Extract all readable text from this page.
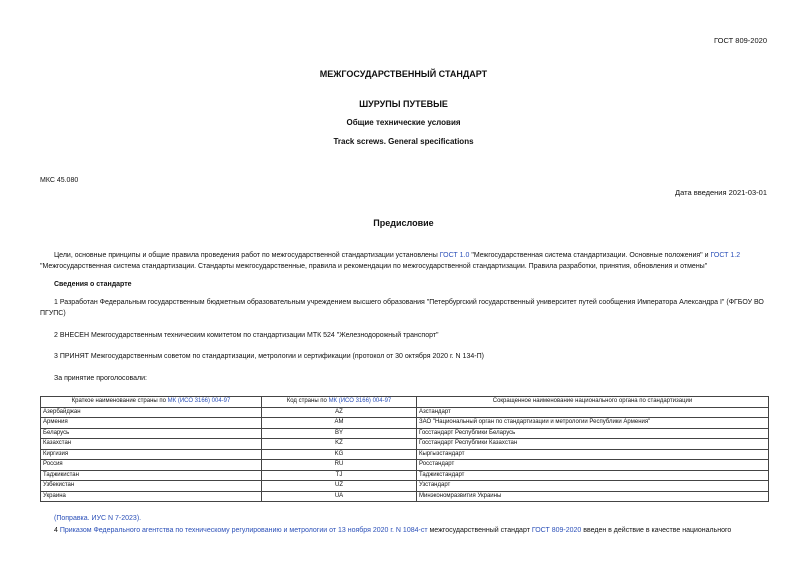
ГОСТ 809-2020
МЕЖГОСУДАРСТВЕННЫЙ СТАНДАРТ
ШУРУПЫ ПУТЕВЫЕ
Общие технические условия
Track screws. General specifications
МКС 45.080
Дата введения 2021-03-01
Предисловие
Цели, основные принципы и общие правила проведения работ по межгосударственной стандартизации установлены ГОСТ 1.0 "Межгосударственная система стандартизации. Основные положения" и ГОСТ 1.2 "Межгосударственная система стандартизации. Стандарты межгосударственные, правила и рекомендации по межгосударственной стандартизации. Правила разработки, принятия, обновления и отмены"
Сведения о стандарте
1 Разработан Федеральным государственным бюджетным образовательным учреждением высшего образования "Петербургский государственный университет путей сообщения Императора Александра I" (ФГБОУ ВО ПГУПС)
2 ВНЕСЕН Межгосударственным техническим комитетом по стандартизации МТК 524 "Железнодорожный транспорт"
3 ПРИНЯТ Межгосударственным советом по стандартизации, метрологии и сертификации (протокол от 30 октября 2020 г. N 134-П)
За принятие проголосовали:
Краткое наименование страны по МК (ИСО 3166) 004-97	Код страны по МК (ИСО 3166) 004-97	Сокращенное наименование национального органа по стандартизации
Азербайджан	AZ	Азстандарт
Армения	AM	ЗАО "Национальный орган по стандартизации и метрологии Республики Армения"
Беларусь	BY	Госстандарт Республики Беларусь
Казахстан	KZ	Госстандарт Республики Казахстан
Киргизия	KG	Кыргызстандарт
Россия	RU	Росстандарт
Таджикистан	TJ	Таджикстандарт
Узбекистан	UZ	Узстандарт
Украина	UA	Минэкономразвития Украины
(Поправка. ИУС N 7-2023).
4 Приказом Федерального агентства по техническому регулированию и метрологии от 13 ноября 2020 г. N 1084-ст межгосударственный стандарт ГОСТ 809-2020 введен в действие в качестве национального
